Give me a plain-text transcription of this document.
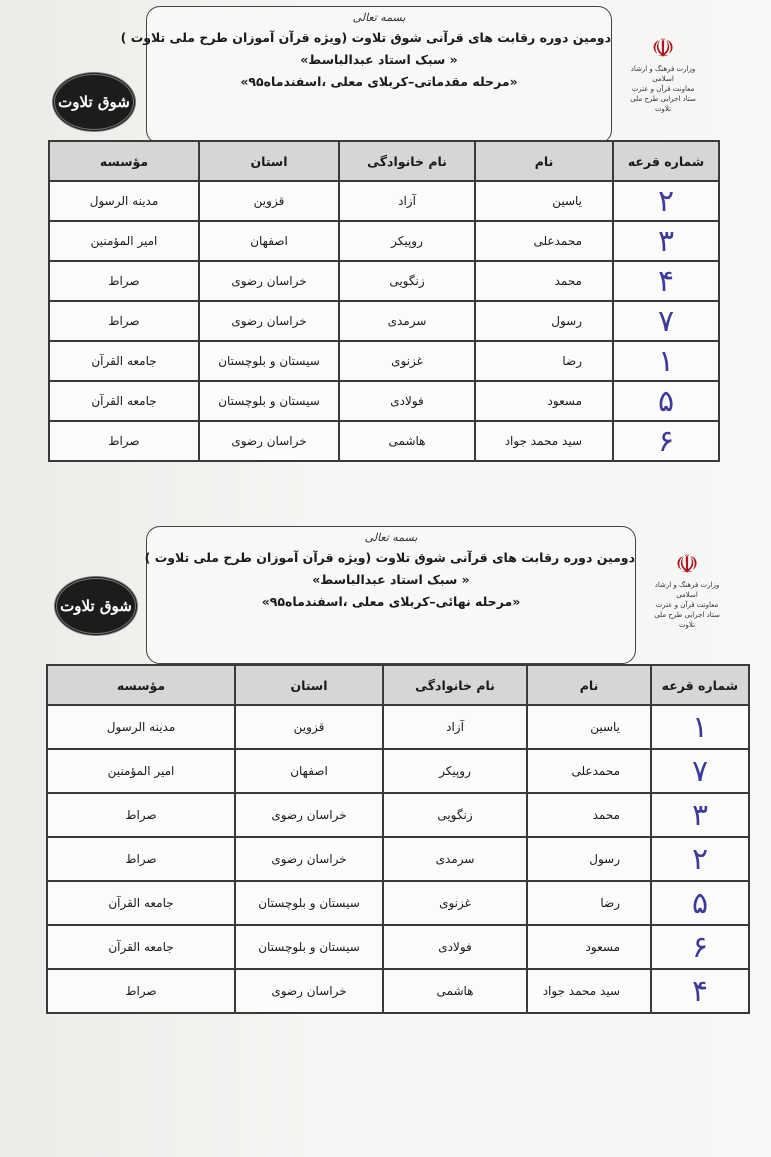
بسمه تعالی
دومین دوره رقابت های قرآنی شوق تلاوت (ویژه قرآن آموزان طرح ملی تلاوت )
« سبک استاد عبدالباسط»
«مرحله مقدماتی–کربلای معلی ،اسفندماه۹۵»
☫
وزارت فرهنگ و ارشاد اسلامی
معاونت قرآن و عترت
ستاد اجرایی طرح ملی تلاوت
شوق تلاوت
شماره قرعه	نام	نام خانوادگی	استان	مؤسسه
۲	یاسین	آزاد	قزوین	مدینه الرسول
۳	محمدعلی	روپیکر	اصفهان	امیر المؤمنین
۴	محمد	زنگویی	خراسان رضوی	صراط
۷	رسول	سرمدی	خراسان رضوی	صراط
۱	رضا	غزنوی	سیستان و بلوچستان	جامعه القرآن
۵	مسعود	فولادی	سیستان و بلوچستان	جامعه القرآن
۶	سید محمد جواد	هاشمی	خراسان رضوی	صراط
بسمه تعالی
دومین دوره رقابت های قرآنی شوق تلاوت (ویژه قرآن آموزان طرح ملی تلاوت )
« سبک استاد عبدالباسط»
«مرحله نهائی–کربلای معلی ،اسفندماه۹۵»
☫
وزارت فرهنگ و ارشاد اسلامی
معاونت قرآن و عترت
ستاد اجرایی طرح ملی تلاوت
شوق تلاوت
شماره قرعه	نام	نام خانوادگی	استان	مؤسسه
۱	یاسین	آزاد	قزوین	مدینه الرسول
۷	محمدعلی	روپیکر	اصفهان	امیر المؤمنین
۳	محمد	زنگویی	خراسان رضوی	صراط
۲	رسول	سرمدی	خراسان رضوی	صراط
۵	رضا	غزنوی	سیستان و بلوچستان	جامعه القرآن
۶	مسعود	فولادی	سیستان و بلوچستان	جامعه القرآن
۴	سید محمد جواد	هاشمی	خراسان رضوی	صراط
